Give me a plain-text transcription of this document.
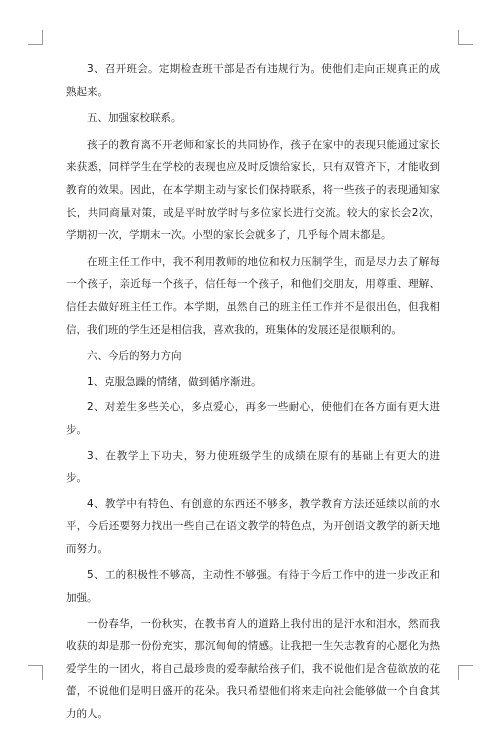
3、召开班会。定期检查班干部是否有违规行为。使他们走向正规真正的成熟起来。

五、加强家校联系。

孩子的教育离不开老师和家长的共同协作，孩子在家中的表现只能通过家长来获悉，同样学生在学校的表现也应及时反馈给家长，只有双管齐下，才能收到教育的效果。因此，在本学期主动与家长们保持联系，将一些孩子的表现通知家长，共同商量对策，或是平时放学时与多位家长进行交流。较大的家长会2次，学期初一次，学期末一次。小型的家长会就多了，几乎每个周末都是。

在班主任工作中，我不利用教师的地位和权力压制学生，而是尽力去了解每一个孩子，亲近每一个孩子，信任每一个孩子，和他们交朋友，用尊重、理解、信任去做好班主任工作。本学期，虽然自己的班主任工作并不是很出色，但我相信，我们班的学生还是相信我，喜欢我的，班集体的发展还是很顺利的。

六、今后的努力方向

1、克服急躁的情绪，做到循序渐进。

2、对差生多些关心，多点爱心，再多一些耐心，使他们在各方面有更大进步。

3、在教学上下功夫，努力使班级学生的成绩在原有的基础上有更大的进步。

4、教学中有特色、有创意的东西还不够多，教学教育方法还延续以前的水平，今后还要努力找出一些自己在语文教学的特色点，为开创语文教学的新天地而努力。

5、工的积极性不够高，主动性不够强。有待于今后工作中的进一步改正和加强。

一份春华，一份秋实，在教书育人的道路上我付出的是汗水和泪水，然而我收获的却是那一份份充实，那沉甸甸的情感。让我把一生矢志教育的心愿化为热爱学生的一团火，将自己最珍贵的爱奉献给孩子们，我不说他们是含苞欲放的花蕾，不说他们是明日盛开的花朵。我只希望他们将来走向社会能够做一个自食其力的人。
